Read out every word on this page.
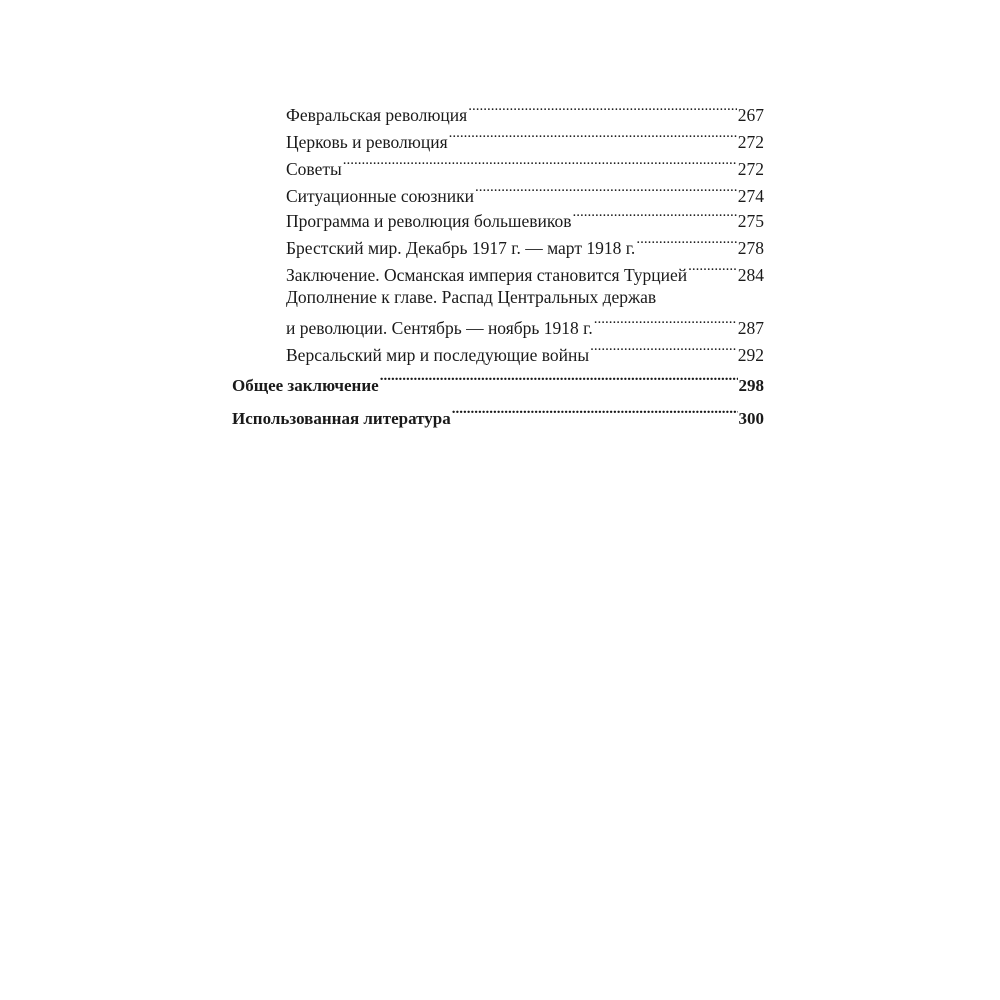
Февральская революция .....	267
Церковь и революция .....	272
Советы .....	272
Ситуационные союзники .....	274
Программа и революция большевиков .....	275
Брестский мир. Декабрь 1917 г. — март 1918 г. .....	278
Заключение. Османская империя становится Турцией .....	284
Дополнение к главе. Распад Центральных держав
и революции. Сентябрь — ноябрь 1918 г. .....	287
Версальский мир и последующие войны .....	292
Общее заключение .....	298
Использованная литература .....	300
